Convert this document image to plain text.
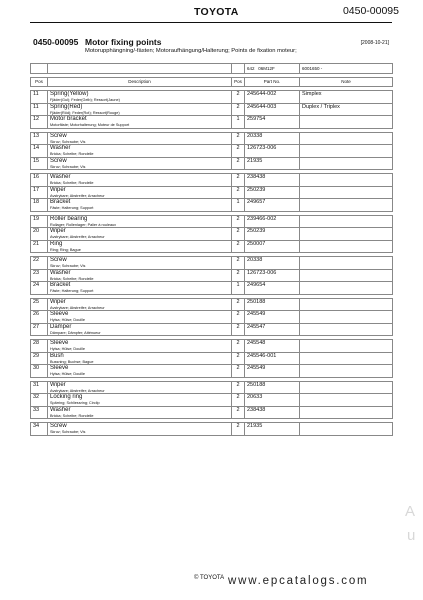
TOYOTA	0450-00095
0450-00095 Motor fixing points	[2008-10-21]
Motorupphängning/-fästen; Motoraufhängung/Halterung; Points de fixation moteur;
			642 06M12F	6001650 -

Pos	Description	Pos	Part No.	Note

11	Spring(Yellow)
Fjäder(Gul); Feder(Gelb); Ressort(Jaune)	2	245644-002	Simplex
11	Spring(Red)
Fjäder(Röd); Feder(Rot); Ressort(Rouge)	2	245644-003	Duplex / Triplex
12	Motor bracket
Motorfäste; Motorhalterung; Moteur de Support	1	259754	

13	Screw
Skruv; Schraube; Vis	2	20338	
14	Washer
Bricka; Scheibe; Rondelle	2	126723-006	
15	Screw
Skruv; Schraube; Vis	2	21935	

16	Washer
Bricka; Scheibe; Rondelle	2	238438	
17	Wiper
Avstrykare; Abstreifer; Arracheur	2	250239	
18	Bracket
Fäste; Halterung; Support	1	249657	

19	Roller bearing
Rullager; Rollenlager; Palier à rouleaux	2	239466-002	
20	Wiper
Avstrykare; Abstreifer; Arracheur	2	250239	
21	Ring
Ring; Ring; Bague	2	250007	

22	Screw
Skruv; Schraube; Vis	2	20338	
23	Washer
Bricka; Scheibe; Rondelle	2	126723-006	
24	Bracket
Fäste; Halterung; Support	1	249654	

25	Wiper
Avstrykare; Abstreifer; Arracheur	2	250188	
26	Sleeve
Hylsa; Hülse; Douille	2	245549	
27	Damper
Dämpare; Dämpfer; Atténueur	2	245547	

28	Sleeve
Hylsa; Hülse; Douille	2	245548	
29	Bush
Bussning; Buchse; Bague	2	245546-001	
30	Sleeve
Hylsa; Hülse; Douille	2	245549	

31	Wiper
Avstrykare; Abstreifer; Arracheur	2	250188	
32	Locking ring
Spärring; Schliessring; Circlip	2	20633	
33	Washer
Bricka; Scheibe; Rondelle	2	238438	

34	Screw
Skruv; Schraube; Vis	2	21935	
© TOYOTA www.epcatalogs.com
A
u
